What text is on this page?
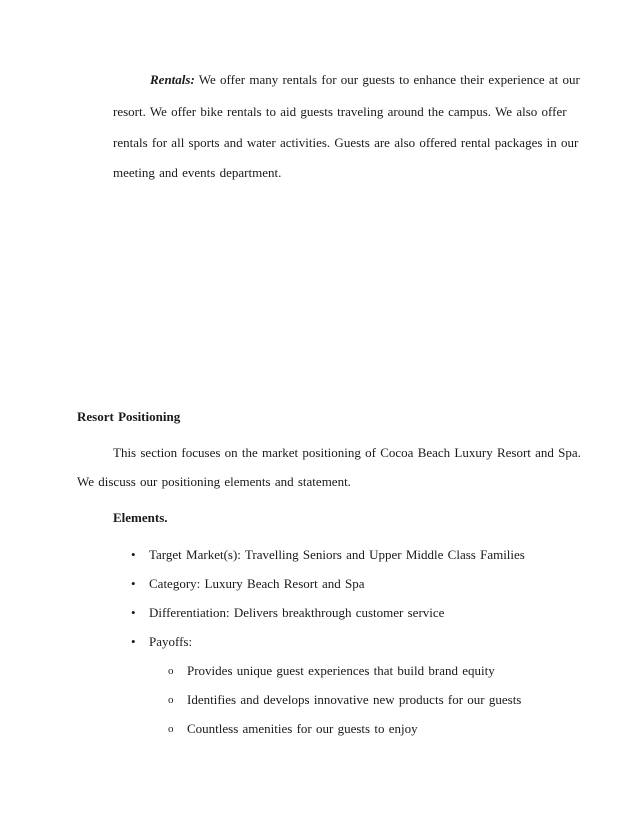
Rentals: We offer many rentals for our guests to enhance their experience at our
resort. We offer bike rentals to aid guests traveling around the campus. We also offer
rentals for all sports and water activities. Guests are also offered rental packages in our
meeting and events department.
Resort Positioning
This section focuses on the market positioning of Cocoa Beach Luxury Resort and Spa.
We discuss our positioning elements and statement.
Elements.
• Target Market(s): Travelling Seniors and Upper Middle Class Families
• Category: Luxury Beach Resort and Spa
• Differentiation: Delivers breakthrough customer service
• Payoffs:
o Provides unique guest experiences that build brand equity
o Identifies and develops innovative new products for our guests
o Countless amenities for our guests to enjoy
